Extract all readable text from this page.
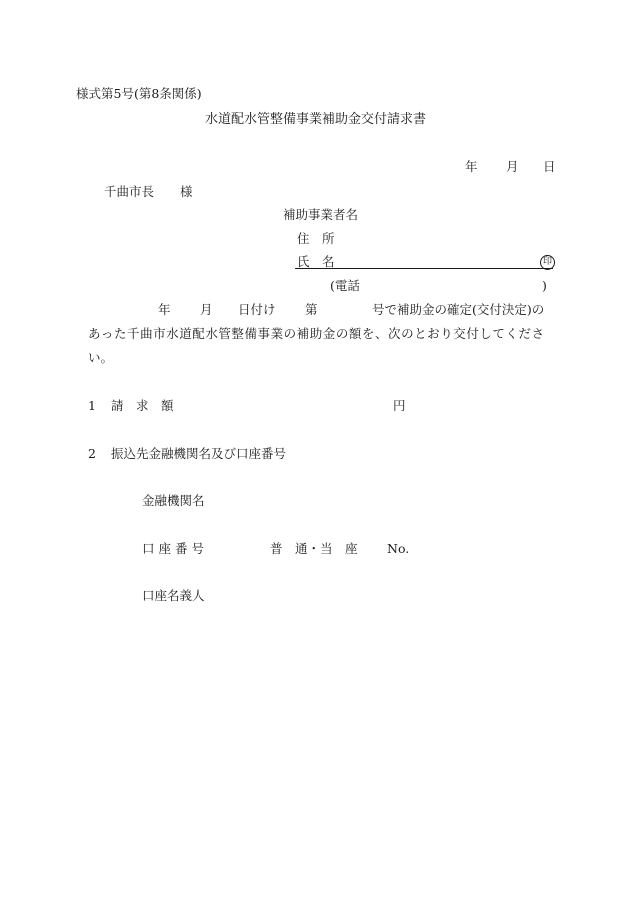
様式第5号(第8条関係)
水道配水管整備事業補助金交付請求書
年 月 日
千曲市長 様
補助事業者名
住　所
氏　名	印
(電話	)
年 月 日付け 第	号で補助金の確定(交付決定)の
あった千曲市水道配水管整備事業の補助金の額を、次のとおり交付してくださ
い。
1 請　求　額	円
2 振込先金融機関名及び口座番号
金融機関名
口座番号	普　通・当　座 No.
口座名義人
